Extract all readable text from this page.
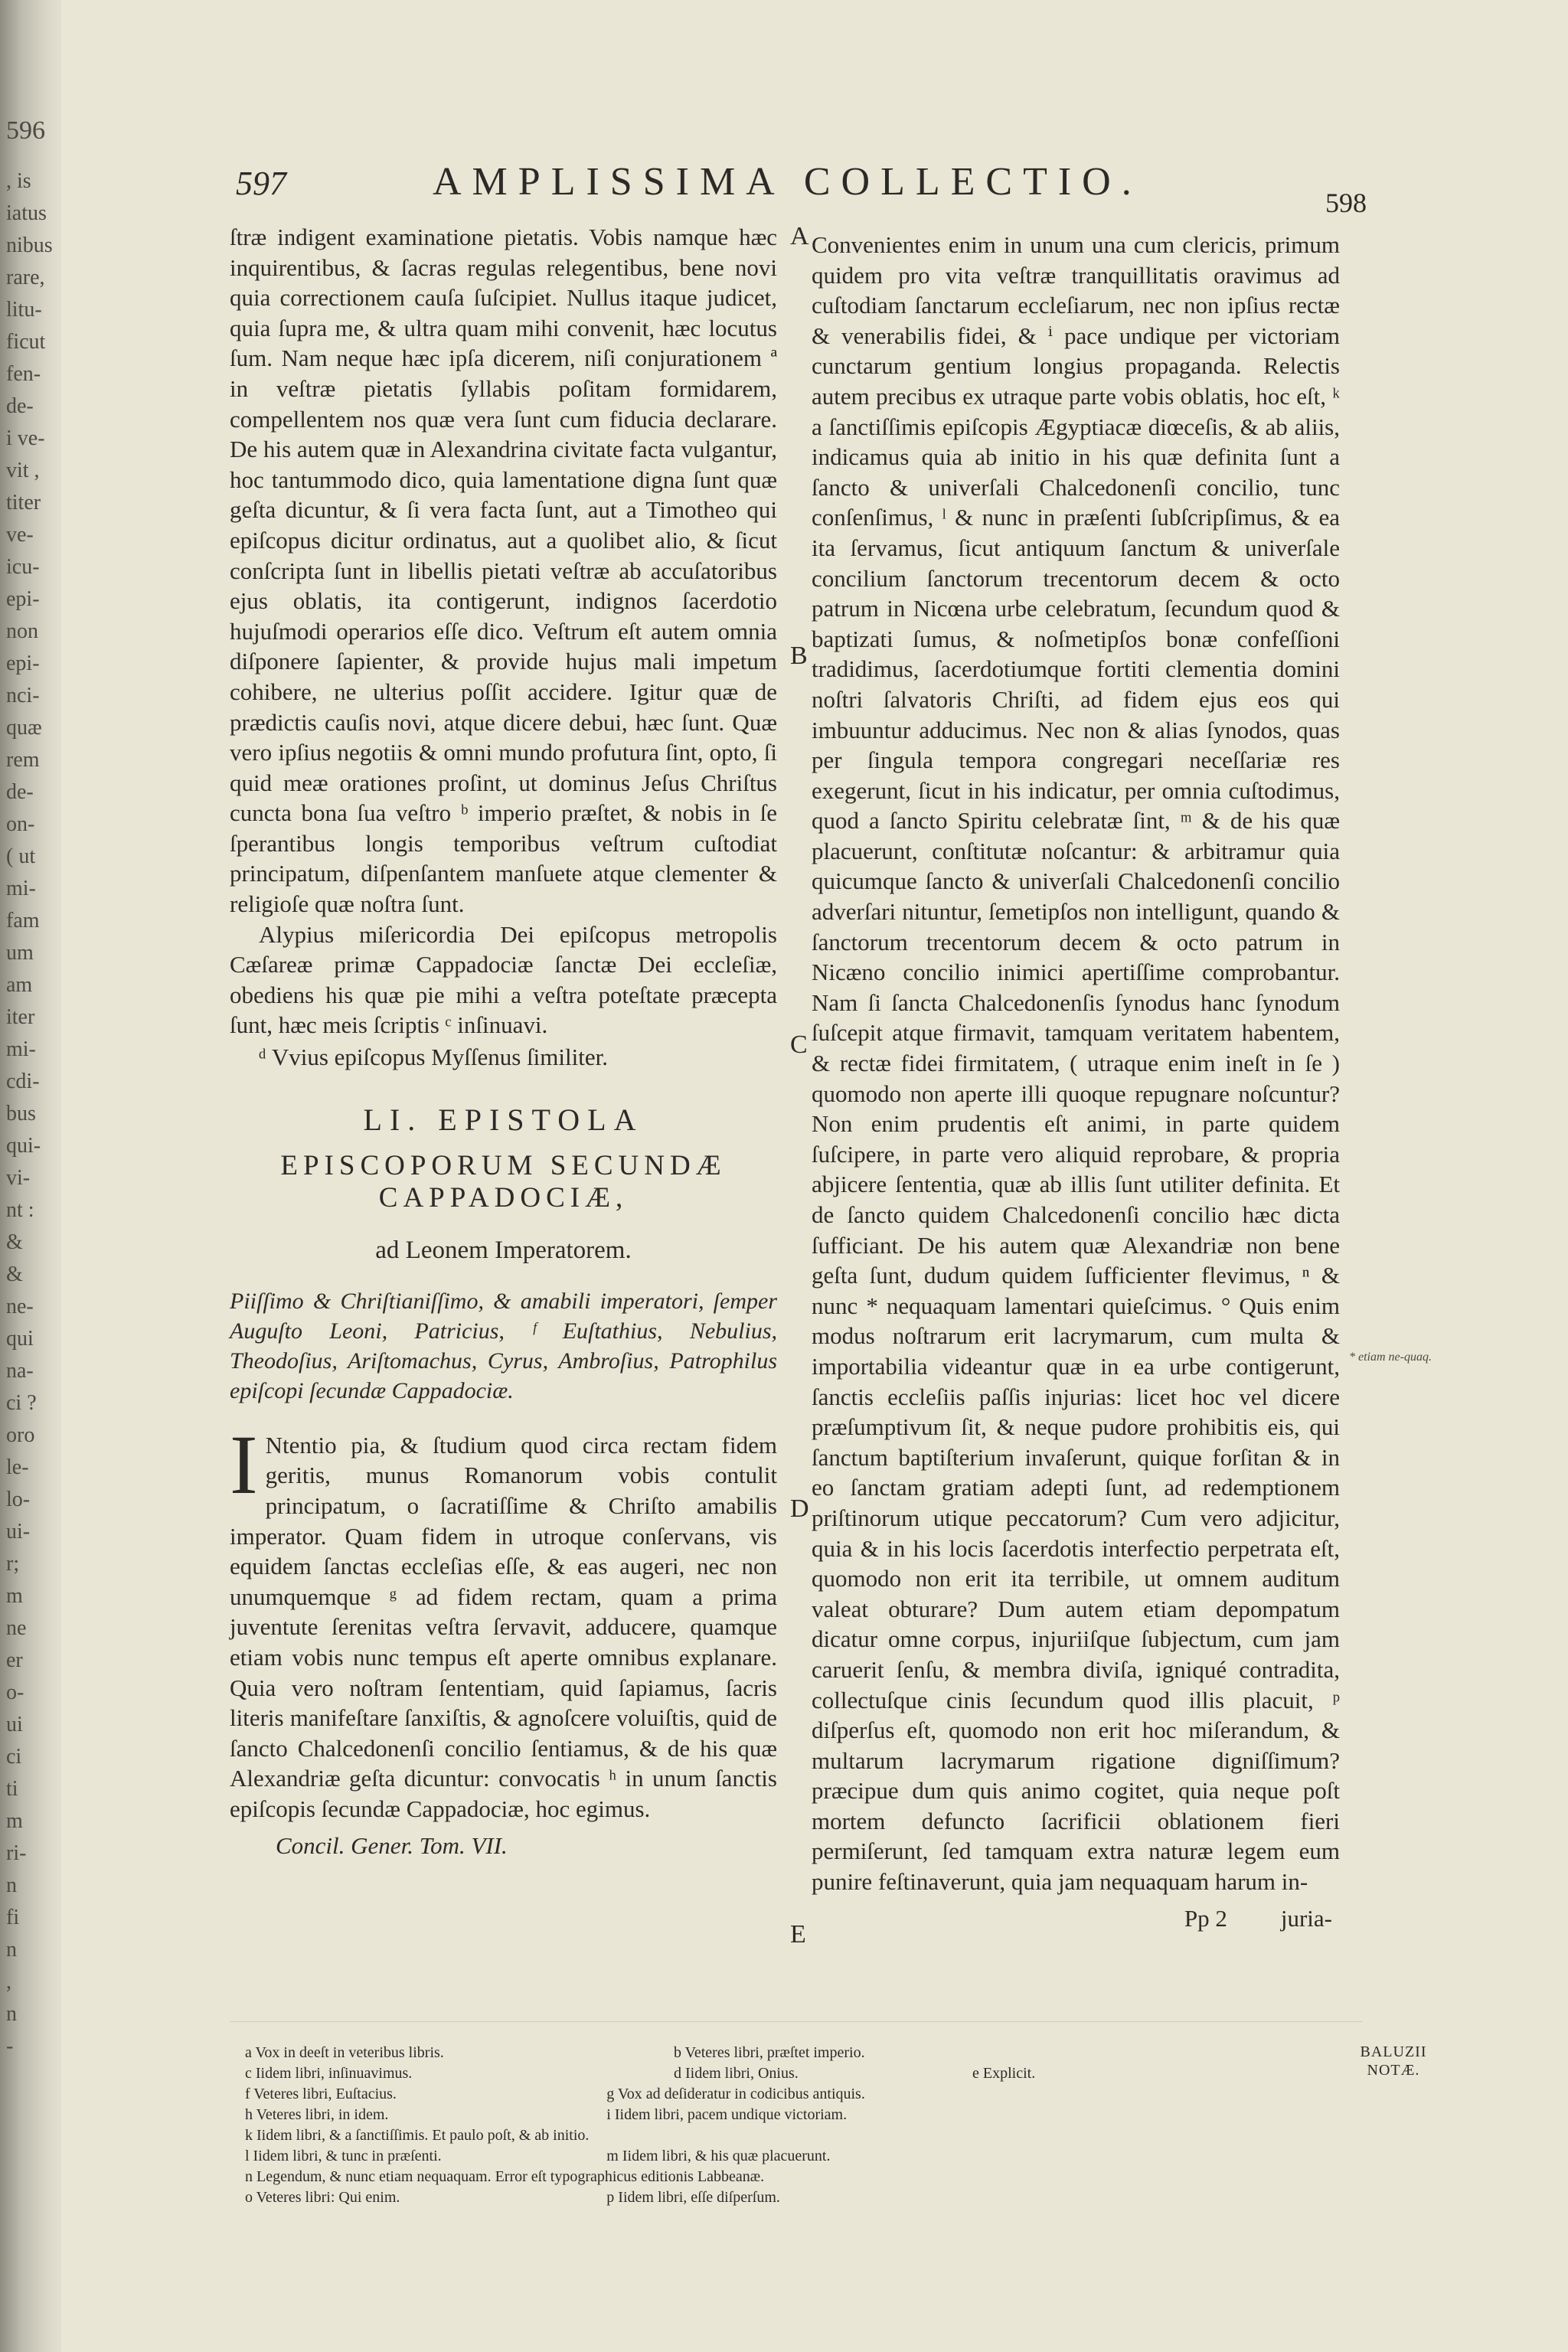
596
, is
iatus
nibus
rare,
litu-
ficut
fen-
de-
i ve-
vit ,
titer
ve-
icu-
epi-
non
epi-
nci-
quæ
rem
de-
on-
( ut
mi-
fam
um
am
iter
mi-
cdi-
bus
qui-
vi-
nt :
&
&
ne-
qui
na-
ci ?
oro
le-
lo-
ui-
r;
m
ne
er
o-
ui
ci
ti
m
ri-
n
fi
n
,
n
-
597	AMPLISSIMA COLLECTIO.	598

ſtræ indigent examinatione pietatis. Vobis namque hæc inquirentibus, & ſacras regulas relegentibus, bene novi quia correctionem cauſa ſuſcipiet. Nullus itaque judicet, quia ſupra me, & ultra quam mihi convenit, hæc locutus ſum. Nam neque hæc ipſa dicerem, niſi conjurationem ª in veſtræ pietatis ſyllabis poſitam formidarem, compellentem nos quæ vera ſunt cum fiducia declarare. De his autem quæ in Alexandrina civitate facta vulgantur, hoc tantummodo dico, quia lamentatione digna ſunt quæ geſta dicuntur, & ſi vera facta ſunt, aut a Timotheo qui epiſcopus dicitur ordinatus, aut a quolibet alio, & ſicut conſcripta ſunt in libellis pietati veſtræ ab accuſatoribus ejus oblatis, ita contigerunt, indignos ſacerdotio hujuſmodi operarios eſſe dico. Veſtrum eſt autem omnia diſponere ſapienter, & provide hujus mali impetum cohibere, ne ulterius poſſit accidere. Igitur quæ de prædictis cauſis novi, atque dicere debui, hæc ſunt. Quæ vero ipſius negotiis & omni mundo profutura ſint, opto, ſi quid meæ orationes proſint, ut dominus Jeſus Chriſtus cuncta bona ſua veſtro ᵇ imperio præſtet, & nobis in ſe ſperantibus longis temporibus veſtrum cuſtodiat principatum, diſpenſantem manſuete atque clementer & religioſe quæ noſtra ſunt.

Alypius miſericordia Dei epiſcopus metropolis Cæſareæ primæ Cappadociæ ſanctæ Dei eccleſiæ, obediens his quæ pie mihi a veſtra poteſtate præcepta ſunt, hæc meis ſcriptis ᶜ inſinuavi.

ᵈ Vvius epiſcopus Myſſenus ſimiliter.

LI. EPISTOLA

EPISCOPORUM SECUNDÆ CAPPADOCIÆ,

ad Leonem Imperatorem.

Piiſſimo & Chriſtianiſſimo, & amabili imperatori, ſemper Auguſto Leoni, Patricius, ᶠ Euſtathius, Nebulius, Theodoſius, Ariſtomachus, Cyrus, Ambroſius, Patrophilus epiſcopi ſecundæ Cappadociæ.

I Ntentio pia, & ſtudium quod circa rectam fidem geritis, munus Romanorum vobis contulit principatum, o ſacratiſſime & Chriſto amabilis imperator. Quam fidem in utroque conſervans, vis equidem ſanctas eccleſias eſſe, & eas augeri, nec non unumquemque ᵍ ad fidem rectam, quam a prima juventute ſerenitas veſtra ſervavit, adducere, quamque etiam vobis nunc tempus eſt aperte omnibus explanare. Quia vero noſtram ſententiam, quid ſapiamus, ſacris literis manifeſtare ſanxiſtis, & agnoſcere voluiſtis, quid de ſancto Chalcedonenſi concilio ſentiamus, & de his quæ Alexandriæ geſta dicuntur: convocatis ʰ in unum ſanctis epiſcopis ſecundæ Cappadociæ, hoc egimus.

Concil. Gener. Tom. VII.

Convenientes enim in unum una cum clericis, primum quidem pro vita veſtræ tranquillitatis oravimus ad cuſtodiam ſanctarum eccleſiarum, nec non ipſius rectæ & venerabilis fidei, & ⁱ pace undique per victoriam cunctarum gentium longius propaganda. Relectis autem precibus ex utraque parte vobis oblatis, hoc eſt, ᵏ a ſanctiſſimis epiſcopis Ægyptiacæ diœceſis, & ab aliis, indicamus quia ab initio in his quæ definita ſunt a ſancto & univerſali Chalcedonenſi concilio, tunc conſenſimus, ˡ & nunc in præſenti ſubſcripſimus, & ea ita ſervamus, ſicut antiquum ſanctum & univerſale concilium ſanctorum trecentorum decem & octo patrum in Nicœna urbe celebratum, ſecundum quod & baptizati ſumus, & noſmetipſos bonæ confeſſioni tradidimus, ſacerdotiumque fortiti clementia domini noſtri ſalvatoris Chriſti, ad fidem ejus eos qui imbuuntur adducimus. Nec non & alias ſynodos, quas per ſingula tempora congregari neceſſariæ res exegerunt, ſicut in his indicatur, per omnia cuſtodimus, quod a ſancto Spiritu celebratæ ſint, ᵐ & de his quæ placuerunt, conſtitutæ noſcantur: & arbitramur quia quicumque ſancto & univerſali Chalcedonenſi concilio adverſari nituntur, ſemetipſos non intelligunt, quando & ſanctorum trecentorum decem & octo patrum in Nicæno concilio inimici apertiſſime comprobantur. Nam ſi ſancta Chalcedonenſis ſynodus hanc ſynodum ſuſcepit atque firmavit, tamquam veritatem habentem, & rectæ fidei firmitatem, ( utraque enim ineſt in ſe ) quomodo non aperte illi quoque repugnare noſcuntur? Non enim prudentis eſt animi, in parte quidem ſuſcipere, in parte vero aliquid reprobare, & propria abjicere ſententia, quæ ab illis ſunt utiliter definita. Et de ſancto quidem Chalcedonenſi concilio hæc dicta ſufficiant. De his autem quæ Alexandriæ non bene geſta ſunt, dudum quidem ſufficienter flevimus, ⁿ & nunc * nequaquam lamentari quieſcimus. ° Quis enim modus noſtrarum erit lacrymarum, cum multa & importabilia videantur quæ in ea urbe contigerunt, ſanctis eccleſiis paſſis injurias: licet hoc vel dicere præſumptivum ſit, & neque pudore prohibitis eis, qui ſanctum baptiſterium invaſerunt, quique forſitan & in eo ſanctam gratiam adepti ſunt, ad redemptionem priſtinorum utique peccatorum? Cum vero adjicitur, quia & in his locis ſacerdotis interfectio perpetrata eſt, quomodo non erit ita terribile, ut omnem auditum valeat obturare? Dum autem etiam depompatum dicatur omne corpus, injuriiſque ſubjectum, cum jam caruerit ſenſu, & membra diviſa, igniqué contradita, collectuſque cinis ſecundum quod illis placuit, ᵖ diſperſus eſt, quomodo non erit hoc miſerandum, & multarum lacrymarum rigatione digniſſimum? præcipue dum quis animo cogitet, quia neque poſt mortem defuncto ſacrificii oblationem fieri permiſerunt, ſed tamquam extra naturæ legem eum punire feſtinaverunt, quia jam nequaquam harum in-

Pp 2 juria-

A
B
C
D
E
* etiam ne-quaq.
BALUZII NOTÆ.
a Vox in deeſt in veteribus libris.	b Veteres libri, præſtet imperio.
c Iidem libri, inſinuavimus.	d Iidem libri, Onius.	e Explicit.
f Veteres libri, Euſtacius.	g Vox ad deſideratur in codicibus antiquis.
h Veteres libri, in idem.	i Iidem libri, pacem undique victoriam.
k Iidem libri, & a ſanctiſſimis. Et paulo poſt, & ab initio.
l Iidem libri, & tunc in præſenti.	m Iidem libri, & his quæ placuerunt.
n Legendum, & nunc etiam nequaquam. Error eſt typographicus editionis Labbeanæ.
o Veteres libri: Qui enim.	p Iidem libri, eſſe diſperſum.
